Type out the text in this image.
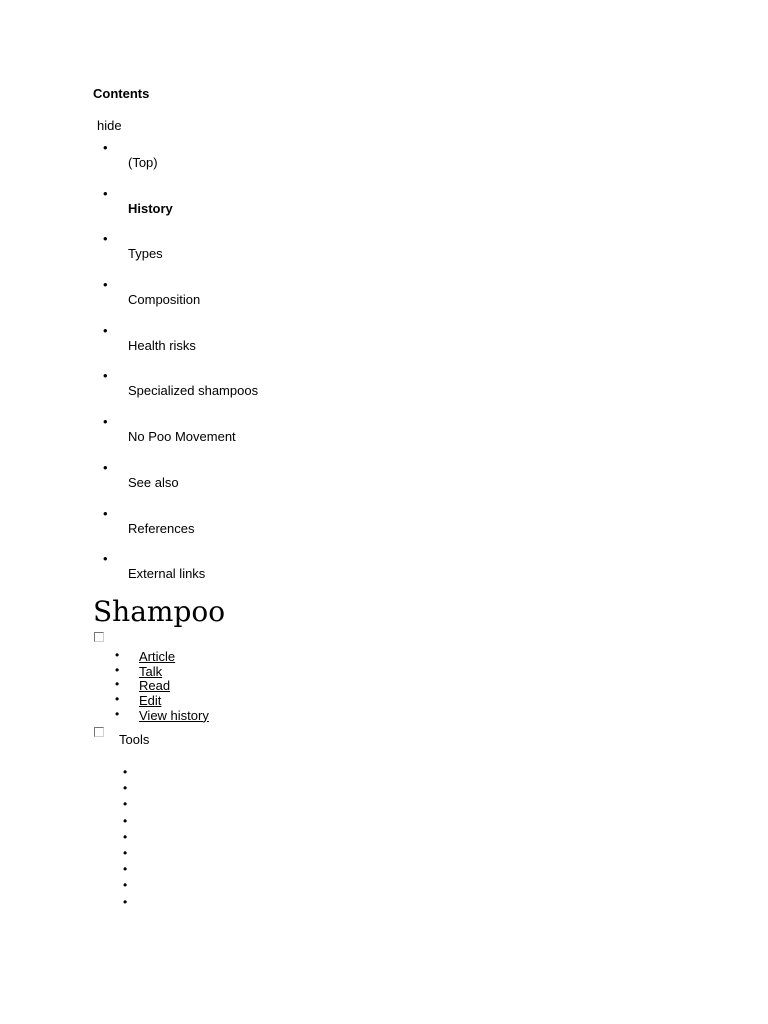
Contents
hide
•
(Top)
•
History
•
Types
•
Composition
•
Health risks
•
Specialized shampoos
•
No Poo Movement
•
See also
•
References
•
External links
Shampoo
• Article
• Talk
• Read
• Edit
• View history
Tools
•
•
•
•
•
•
•
•
•
